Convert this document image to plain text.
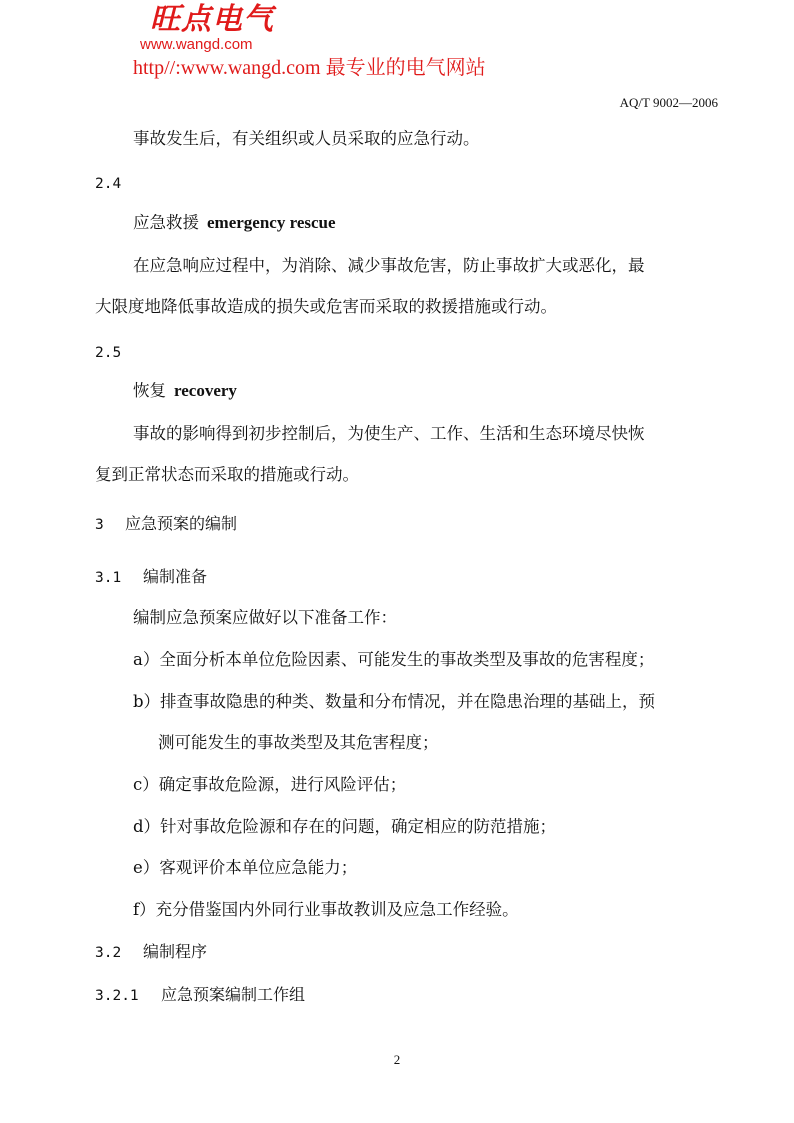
旺点电气
www.wangd.com
http//:www.wangd.com 最专业的电气网站
AQ/T 9002—2006
事故发生后，有关组织或人员采取的应急行动。
2.4
应急救援 emergency rescue
在应急响应过程中，为消除、减少事故危害，防止事故扩大或恶化，最
大限度地降低事故造成的损失或危害而采取的救援措施或行动。
2.5
恢复 recovery
事故的影响得到初步控制后，为使生产、工作、生活和生态环境尽快恢
复到正常状态而采取的措施或行动。
3 应急预案的编制
3.1 编制准备
编制应急预案应做好以下准备工作：
a）全面分析本单位危险因素、可能发生的事故类型及事故的危害程度；
b）排查事故隐患的种类、数量和分布情况，并在隐患治理的基础上，预
测可能发生的事故类型及其危害程度；
c）确定事故危险源，进行风险评估；
d）针对事故危险源和存在的问题，确定相应的防范措施；
e）客观评价本单位应急能力；
f）充分借鉴国内外同行业事故教训及应急工作经验。
3.2 编制程序
3.2.1 应急预案编制工作组
2
